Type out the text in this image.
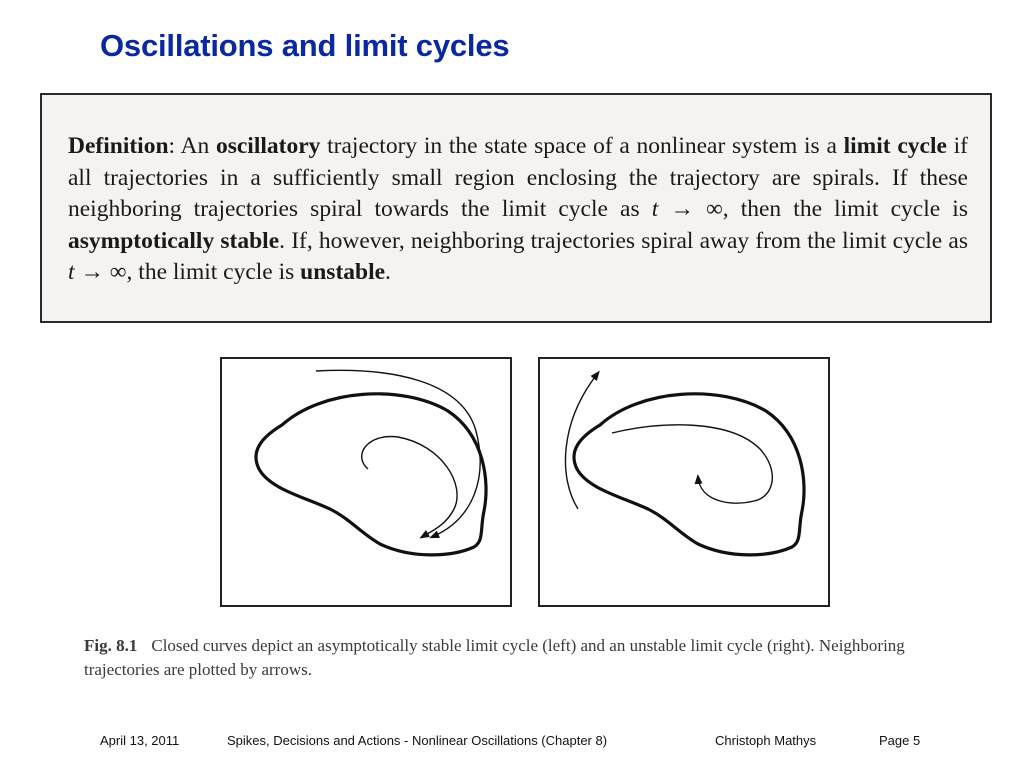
Oscillations and limit cycles

Definition: An oscillatory trajectory in the state space of a nonlinear system is a limit cycle if all trajectories in a sufficiently small region enclosing the trajectory are spirals. If these neighboring trajectories spiral towards the limit cycle as t → ∞, then the limit cycle is asymptotically stable. If, however, neighboring trajectories spiral away from the limit cycle as t → ∞, the limit cycle is unstable.

Fig. 8.1 Closed curves depict an asymptotically stable limit cycle (left) and an unstable limit cycle (right). Neighboring trajectories are plotted by arrows.

April 13, 2011	Spikes, Decisions and Actions - Nonlinear Oscillations (Chapter 8)	Christoph Mathys	Page 5
